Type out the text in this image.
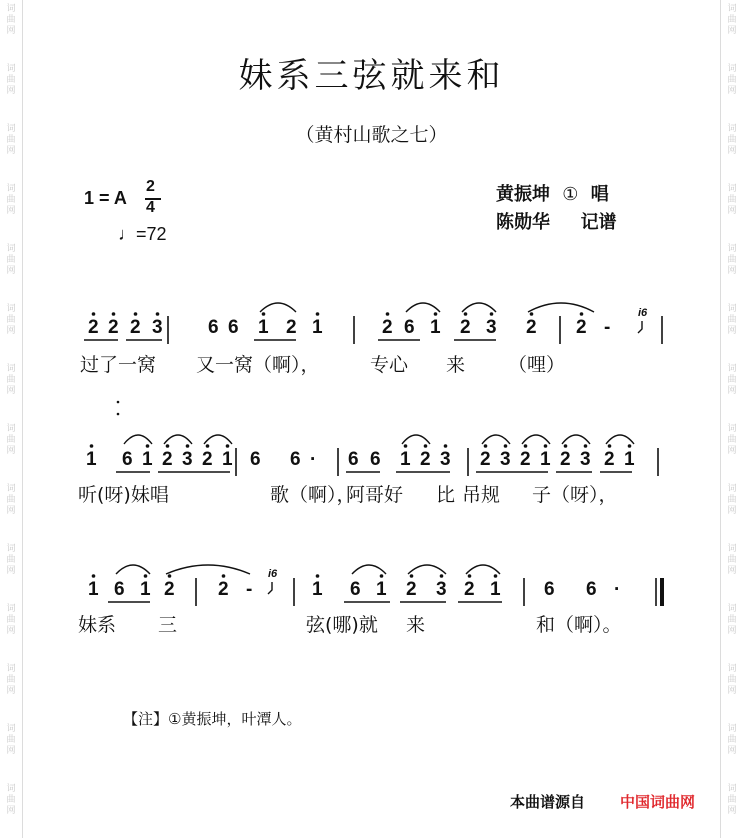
词
曲
网
词
曲
网
词
曲
网
词
曲
网
词
曲
网
词
曲
网
词
曲
网
词
曲
网
词
曲
网
词
曲
网
词
曲
网
词
曲
网
词
曲
网
词
曲
网
词
曲
网
词
曲
网
词
曲
网
词
曲
网
词
曲
网
词
曲
网
词
曲
网
词
曲
网
词
曲
网
词
曲
网
词
曲
网
词
曲
网
词
曲
网
词
曲
网
妹系三弦就来和
（黄村山歌之七）
1 = A
2
4
♩=72
黄振坤 ① 唱
陈勋华 记谱
2 2 2 3 6 6 1 2 1	2 6 1 2 3 2 2 -
i6
过了一窝 又一窝（啊），	专心 来 （哩）
1 6 1 2 3 2 1 6 6 · 6 6 1 2 3 2 3 2 1 2 3 2 1
听(呀)妹唱	歌（啊），
阿哥好 比 吊规 子（呀），
1 6 1 2 2 -	1 6 1 2 3 2 1 6 6 ·
i6
妹系 三	弦(哪)就 来	和（啊）。
【注】①黄振坤，叶潭人。
本曲谱源自 中国词曲网
